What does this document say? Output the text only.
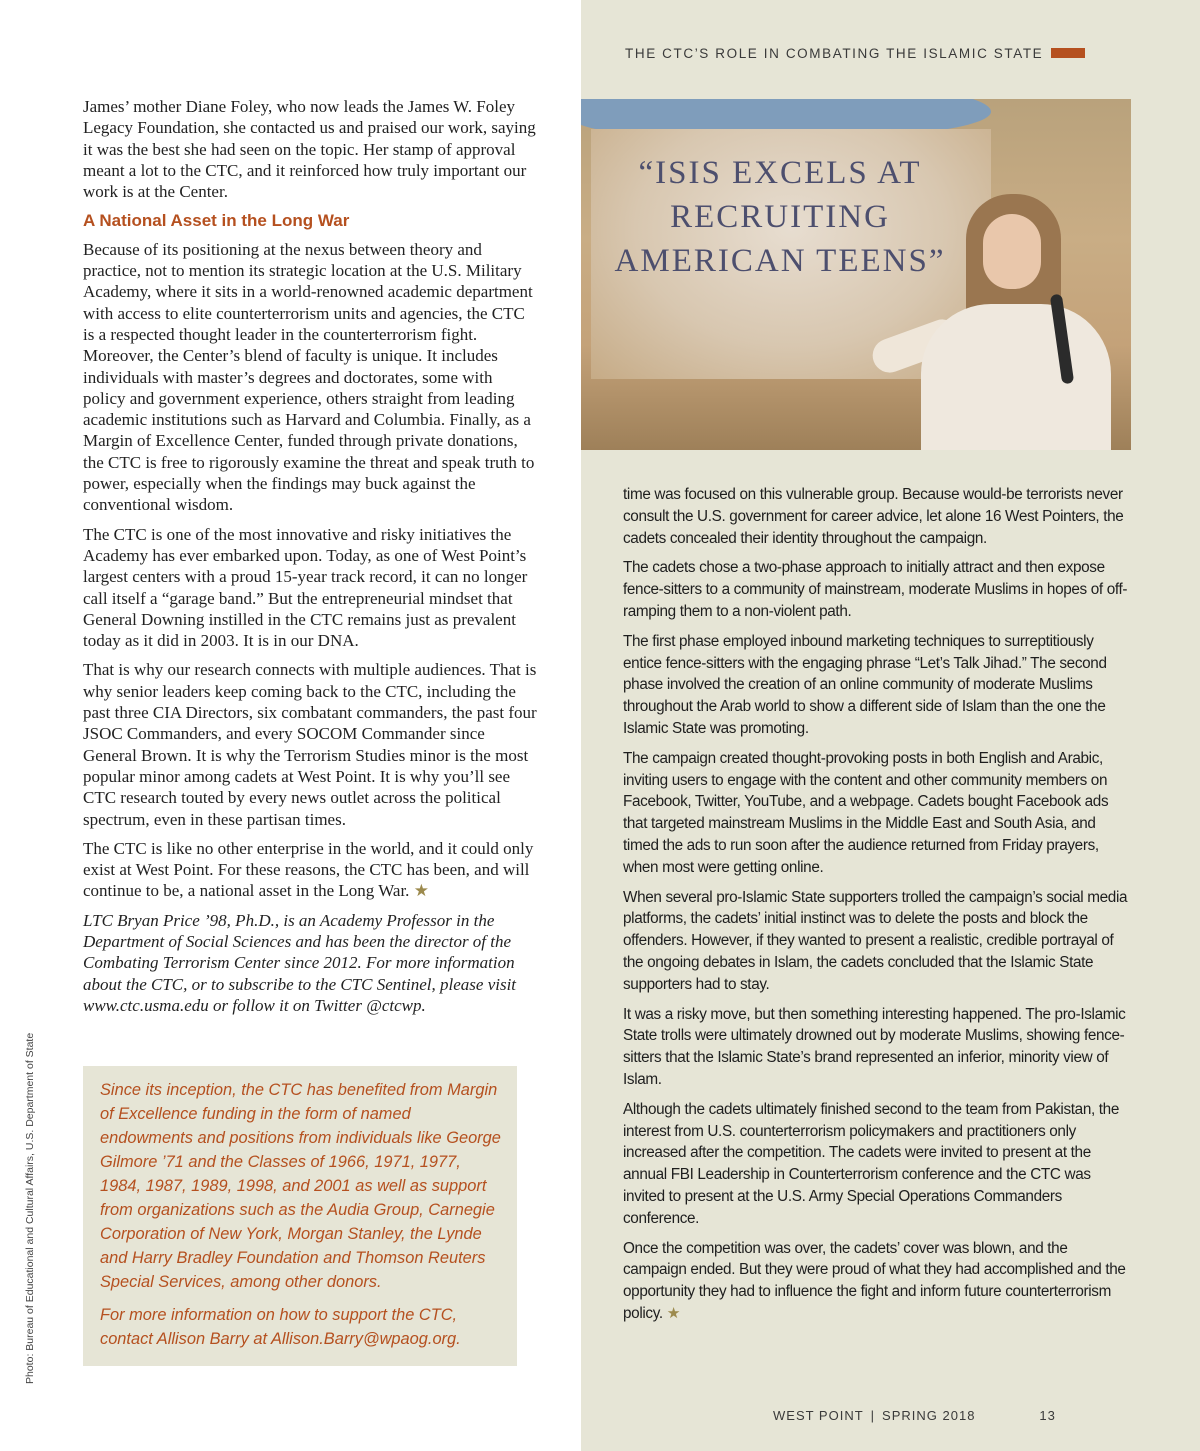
THE CTC’S ROLE IN COMBATING THE ISLAMIC STATE
“ISIS EXCELS AT RECRUITING AMERICAN TEENS”

James’ mother Diane Foley, who now leads the James W. Foley Legacy Foundation, she contacted us and praised our work, saying it was the best she had seen on the topic. Her stamp of approval meant a lot to the CTC, and it reinforced how truly important our work is at the Center.

A National Asset in the Long War

Because of its positioning at the nexus between theory and practice, not to mention its strategic location at the U.S. Military Academy, where it sits in a world-renowned academic department with access to elite counterterrorism units and agencies, the CTC is a respected thought leader in the counterterrorism fight. Moreover, the Center’s blend of faculty is unique. It includes individuals with master’s degrees and doctorates, some with policy and government experience, others straight from leading academic institutions such as Harvard and Columbia. Finally, as a Margin of Excellence Center, funded through private donations, the CTC is free to rigorously examine the threat and speak truth to power, especially when the findings may buck against the conventional wisdom.

The CTC is one of the most innovative and risky initiatives the Academy has ever embarked upon. Today, as one of West Point’s largest centers with a proud 15-year track record, it can no longer call itself a “garage band.” But the entrepreneurial mindset that General Downing instilled in the CTC remains just as prevalent today as it did in 2003. It is in our DNA.

That is why our research connects with multiple audiences. That is why senior leaders keep coming back to the CTC, including the past three CIA Directors, six combatant commanders, the past four JSOC Commanders, and every SOCOM Commander since General Brown. It is why the Terrorism Studies minor is the most popular minor among cadets at West Point. It is why you’ll see CTC research touted by every news outlet across the political spectrum, even in these partisan times.

The CTC is like no other enterprise in the world, and it could only exist at West Point. For these reasons, the CTC has been, and will continue to be, a national asset in the Long War. ★

LTC Bryan Price ’98, Ph.D., is an Academy Professor in the Department of Social Sciences and has been the director of the Combating Terrorism Center since 2012. For more information about the CTC, or to subscribe to the CTC Sentinel, please visit www.ctc.usma.edu or follow it on Twitter @ctcwp.

Since its inception, the CTC has benefited from Margin of Excellence funding in the form of named endowments and positions from individuals like George Gilmore ’71 and the Classes of 1966, 1971, 1977, 1984, 1987, 1989, 1998, and 2001 as well as support from organizations such as the Audia Group, Carnegie Corporation of New York, Morgan Stanley, the Lynde and Harry Bradley Foundation and Thomson Reuters Special Services, among other donors.

For more information on how to support the CTC, contact Allison Barry at Allison.Barry@wpaog.org.

time was focused on this vulnerable group. Because would-be terrorists never consult the U.S. government for career advice, let alone 16 West Pointers, the cadets concealed their identity throughout the campaign.

The cadets chose a two-phase approach to initially attract and then expose fence-sitters to a community of mainstream, moderate Muslims in hopes of off-ramping them to a non-violent path.

The first phase employed inbound marketing techniques to surreptitiously entice fence-sitters with the engaging phrase “Let’s Talk Jihad.” The second phase involved the creation of an online community of moderate Muslims throughout the Arab world to show a different side of Islam than the one the Islamic State was promoting.

The campaign created thought-provoking posts in both English and Arabic, inviting users to engage with the content and other community members on Facebook, Twitter, YouTube, and a webpage. Cadets bought Facebook ads that targeted mainstream Muslims in the Middle East and South Asia, and timed the ads to run soon after the audience returned from Friday prayers, when most were getting online.

When several pro-Islamic State supporters trolled the campaign’s social media platforms, the cadets’ initial instinct was to delete the posts and block the offenders. However, if they wanted to present a realistic, credible portrayal of the ongoing debates in Islam, the cadets concluded that the Islamic State supporters had to stay.

It was a risky move, but then something interesting happened. The pro-Islamic State trolls were ultimately drowned out by moderate Muslims, showing fence-sitters that the Islamic State’s brand represented an inferior, minority view of Islam.

Although the cadets ultimately finished second to the team from Pakistan, the interest from U.S. counterterrorism policymakers and practitioners only increased after the competition. The cadets were invited to present at the annual FBI Leadership in Counterterrorism conference and the CTC was invited to present at the U.S. Army Special Operations Commanders conference.

Once the competition was over, the cadets’ cover was blown, and the campaign ended. But they were proud of what they had accomplished and the opportunity they had to influence the fight and inform future counterterrorism policy. ★

Photo: Bureau of Educational and Cultural Affairs, U.S. Department of State
WEST POINT | SPRING 2018	13
